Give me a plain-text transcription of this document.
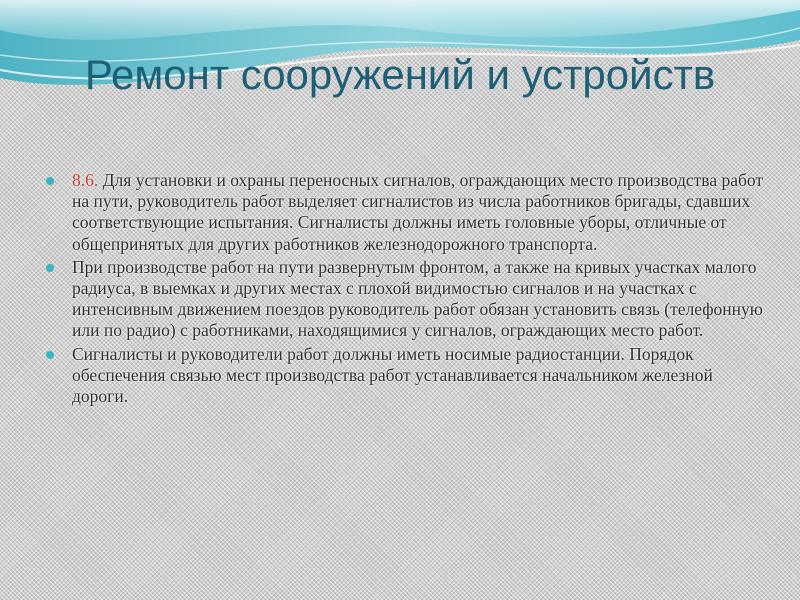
Ремонт сооружений и устройств
8.6. Для установки и охраны переносных сигналов, ограждающих место производства работ на пути, руководитель работ выделяет сигналистов из числа работников бригады, сдавших соответствующие испытания. Сигналисты должны иметь головные уборы, отличные от общепринятых для других работников железнодорожного транспорта.
При производстве работ на пути развернутым фронтом, а также на кривых участках малого радиуса, в выемках и других местах с плохой видимостью сигналов и на участках с интенсивным движением поездов руководитель работ обязан установить связь (телефонную или по радио) с работниками, находящимися у сигналов, ограждающих место работ.
Сигналисты и руководители работ должны иметь носимые радиостанции. Порядок обеспечения связью мест производства работ устанавливается начальником железной дороги.
